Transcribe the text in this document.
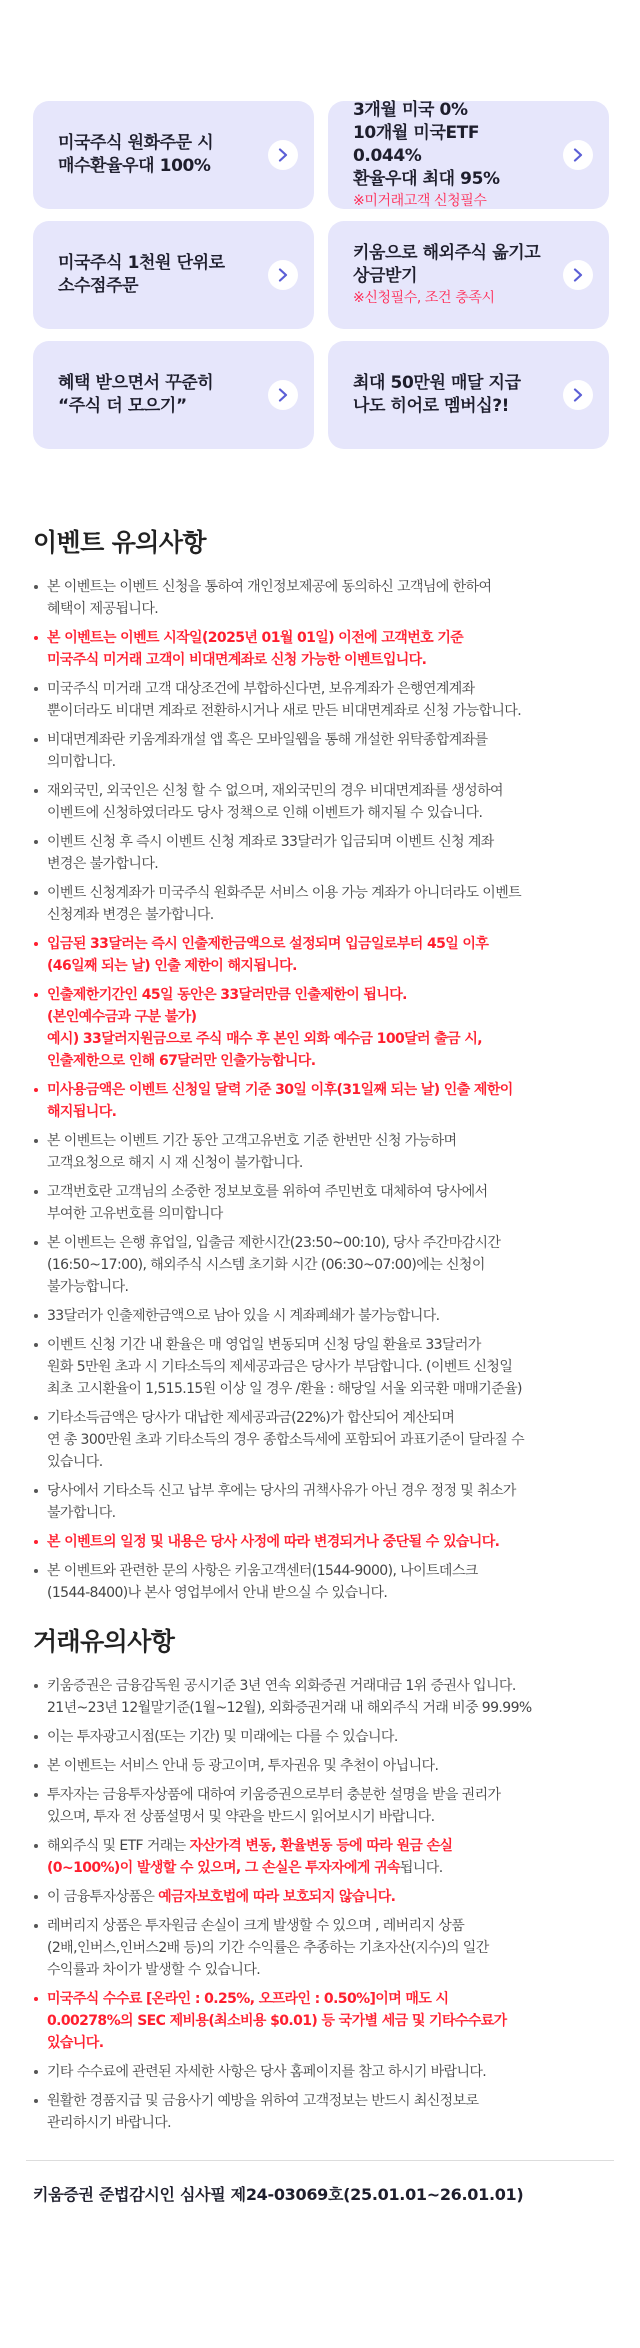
미국주식 원화주문 시
매수환율우대 100%
3개월 미국 0%
10개월 미국ETF 0.044%
환율우대 최대 95%
※미거래고객 신청필수
미국주식 1천원 단위로
소수점주문
키움으로 해외주식 옮기고
상금받기
※신청필수, 조건 충족시
혜택 받으면서 꾸준히
“주식 더 모으기”
최대 50만원 매달 지급
나도 히어로 멤버십?!
이벤트 유의사항
본 이벤트는 이벤트 신청을 통하여 개인정보제공에 동의하신 고객님에 한하여
혜택이 제공됩니다.
본 이벤트는 이벤트 시작일(2025년 01월 01일) 이전에 고객번호 기준
미국주식 미거래 고객이 비대면계좌로 신청 가능한 이벤트입니다.
미국주식 미거래 고객 대상조건에 부합하신다면, 보유계좌가 은행연계계좌
뿐이더라도 비대면 계좌로 전환하시거나 새로 만든 비대면계좌로 신청 가능합니다.
비대면계좌란 키움계좌개설 앱 혹은 모바일웹을 통해 개설한 위탁종합계좌를
의미합니다.
재외국민, 외국인은 신청 할 수 없으며, 재외국민의 경우 비대면계좌를 생성하여
이벤트에 신청하였더라도 당사 정책으로 인해 이벤트가 해지될 수 있습니다.
이벤트 신청 후 즉시 이벤트 신청 계좌로 33달러가 입금되며 이벤트 신청 계좌
변경은 불가합니다.
이벤트 신청계좌가 미국주식 원화주문 서비스 이용 가능 계좌가 아니더라도 이벤트
신청계좌 변경은 불가합니다.
입금된 33달러는 즉시 인출제한금액으로 설정되며 입금일로부터 45일 이후
(46일째 되는 날) 인출 제한이 해지됩니다.
인출제한기간인 45일 동안은 33달러만큼 인출제한이 됩니다.
(본인예수금과 구분 불가)
예시) 33달러지원금으로 주식 매수 후 본인 외화 예수금 100달러 출금 시,
인출제한으로 인해 67달러만 인출가능합니다.
미사용금액은 이벤트 신청일 달력 기준 30일 이후(31일째 되는 날) 인출 제한이
해지됩니다.
본 이벤트는 이벤트 기간 동안 고객고유번호 기준 한번만 신청 가능하며
고객요청으로 해지 시 재 신청이 불가합니다.
고객번호란 고객님의 소중한 정보보호를 위하여 주민번호 대체하여 당사에서
부여한 고유번호를 의미합니다
본 이벤트는 은행 휴업일, 입출금 제한시간(23:50~00:10), 당사 주간마감시간
(16:50~17:00), 해외주식 시스템 초기화 시간 (06:30~07:00)에는 신청이
불가능합니다.
33달러가 인출제한금액으로 남아 있을 시 계좌폐쇄가 불가능합니다.
이벤트 신청 기간 내 환율은 매 영업일 변동되며 신청 당일 환율로 33달러가
원화 5만원 초과 시 기타소득의 제세공과금은 당사가 부담합니다. (이벤트 신청일
최초 고시환율이 1,515.15원 이상 일 경우 /환율 : 해당일 서울 외국환 매매기준율)
기타소득금액은 당사가 대납한 제세공과금(22%)가 합산되어 계산되며
연 총 300만원 초과 기타소득의 경우 종합소득세에 포함되어 과표기준이 달라질 수
있습니다.
당사에서 기타소득 신고 납부 후에는 당사의 귀책사유가 아닌 경우 정정 및 취소가
불가합니다.
본 이벤트의 일정 및 내용은 당사 사정에 따라 변경되거나 중단될 수 있습니다.
본 이벤트와 관련한 문의 사항은 키움고객센터(1544-9000), 나이트데스크
(1544-8400)나 본사 영업부에서 안내 받으실 수 있습니다.
거래유의사항
키움증권은 금융감독원 공시기준 3년 연속 외화증권 거래대금 1위 증권사 입니다.
21년~23년 12월말기준(1월~12월), 외화증권거래 내 해외주식 거래 비중 99.99%
이는 투자광고시점(또는 기간) 및 미래에는 다를 수 있습니다.
본 이벤트는 서비스 안내 등 광고이며, 투자권유 및 추천이 아닙니다.
투자자는 금융투자상품에 대하여 키움증권으로부터 충분한 설명을 받을 권리가
있으며, 투자 전 상품설명서 및 약관을 반드시 읽어보시기 바랍니다.
해외주식 및 ETF 거래는 자산가격 변동, 환율변동 등에 따라 원금 손실
(0~100%)이 발생할 수 있으며, 그 손실은 투자자에게 귀속됩니다.
이 금융투자상품은 예금자보호법에 따라 보호되지 않습니다.
레버리지 상품은 투자원금 손실이 크게 발생할 수 있으며 , 레버리지 상품
(2배,인버스,인버스2배 등)의 기간 수익률은 추종하는 기초자산(지수)의 일간
수익률과 차이가 발생할 수 있습니다.
미국주식 수수료 [온라인 : 0.25%, 오프라인 : 0.50%]이며 매도 시
0.00278%의 SEC 제비용(최소비용 $0.01) 등 국가별 세금 및 기타수수료가
있습니다.
기타 수수료에 관련된 자세한 사항은 당사 홈페이지를 참고 하시기 바랍니다.
원활한 경품지급 및 금융사기 예방을 위하여 고객정보는 반드시 최신정보로
관리하시기 바랍니다.
키움증권 준법감시인 심사필 제24-03069호(25.01.01~26.01.01)
